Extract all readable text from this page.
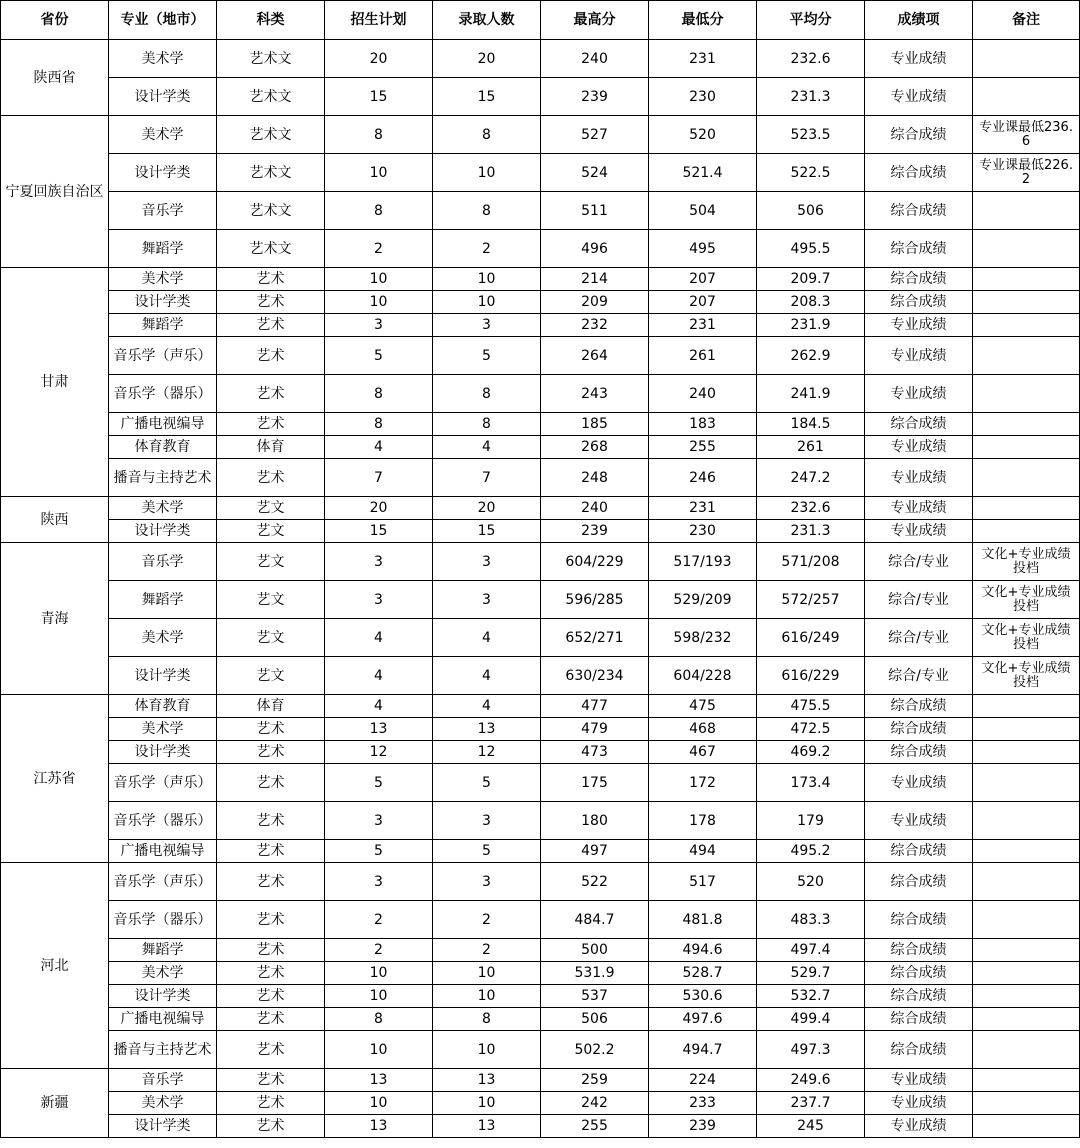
省份	专业（地市）	科类	招生计划	录取人数	最高分	最低分	平均分	成绩项	备注
陕西省	美术学	艺术文	20	20	240	231	232.6	专业成绩	
	设计学类	艺术文	15	15	239	230	231.3	专业成绩	
宁夏回族自治区	美术学	艺术文	8	8	527	520	523.5	综合成绩	专业课最低236.6
	设计学类	艺术文	10	10	524	521.4	522.5	综合成绩	专业课最低226.2
	音乐学	艺术文	8	8	511	504	506	综合成绩	
	舞蹈学	艺术文	2	2	496	495	495.5	综合成绩	
甘肃	美术学	艺术	10	10	214	207	209.7	综合成绩	
	设计学类	艺术	10	10	209	207	208.3	综合成绩	
	舞蹈学	艺术	3	3	232	231	231.9	专业成绩	
	音乐学（声乐）	艺术	5	5	264	261	262.9	专业成绩	
	音乐学（器乐）	艺术	8	8	243	240	241.9	专业成绩	
	广播电视编导	艺术	8	8	185	183	184.5	综合成绩	
	体育教育	体育	4	4	268	255	261	专业成绩	
	播音与主持艺术	艺术	7	7	248	246	247.2	专业成绩	
陕西	美术学	艺文	20	20	240	231	232.6	专业成绩	
	设计学类	艺文	15	15	239	230	231.3	专业成绩	
青海	音乐学	艺文	3	3	604/229	517/193	571/208	综合/专业	文化+专业成绩投档
	舞蹈学	艺文	3	3	596/285	529/209	572/257	综合/专业	文化+专业成绩投档
	美术学	艺文	4	4	652/271	598/232	616/249	综合/专业	文化+专业成绩投档
	设计学类	艺文	4	4	630/234	604/228	616/229	综合/专业	文化+专业成绩投档
江苏省	体育教育	体育	4	4	477	475	475.5	综合成绩	
	美术学	艺术	13	13	479	468	472.5	综合成绩	
	设计学类	艺术	12	12	473	467	469.2	综合成绩	
	音乐学（声乐）	艺术	5	5	175	172	173.4	专业成绩	
	音乐学（器乐）	艺术	3	3	180	178	179	专业成绩	
	广播电视编导	艺术	5	5	497	494	495.2	综合成绩	
河北	音乐学（声乐）	艺术	3	3	522	517	520	综合成绩	
	音乐学（器乐）	艺术	2	2	484.7	481.8	483.3	综合成绩	
	舞蹈学	艺术	2	2	500	494.6	497.4	综合成绩	
	美术学	艺术	10	10	531.9	528.7	529.7	综合成绩	
	设计学类	艺术	10	10	537	530.6	532.7	综合成绩	
	广播电视编导	艺术	8	8	506	497.6	499.4	综合成绩	
	播音与主持艺术	艺术	10	10	502.2	494.7	497.3	综合成绩	
新疆	音乐学	艺术	13	13	259	224	249.6	专业成绩	
	美术学	艺术	10	10	242	233	237.7	专业成绩	
	设计学类	艺术	13	13	255	239	245	专业成绩	
